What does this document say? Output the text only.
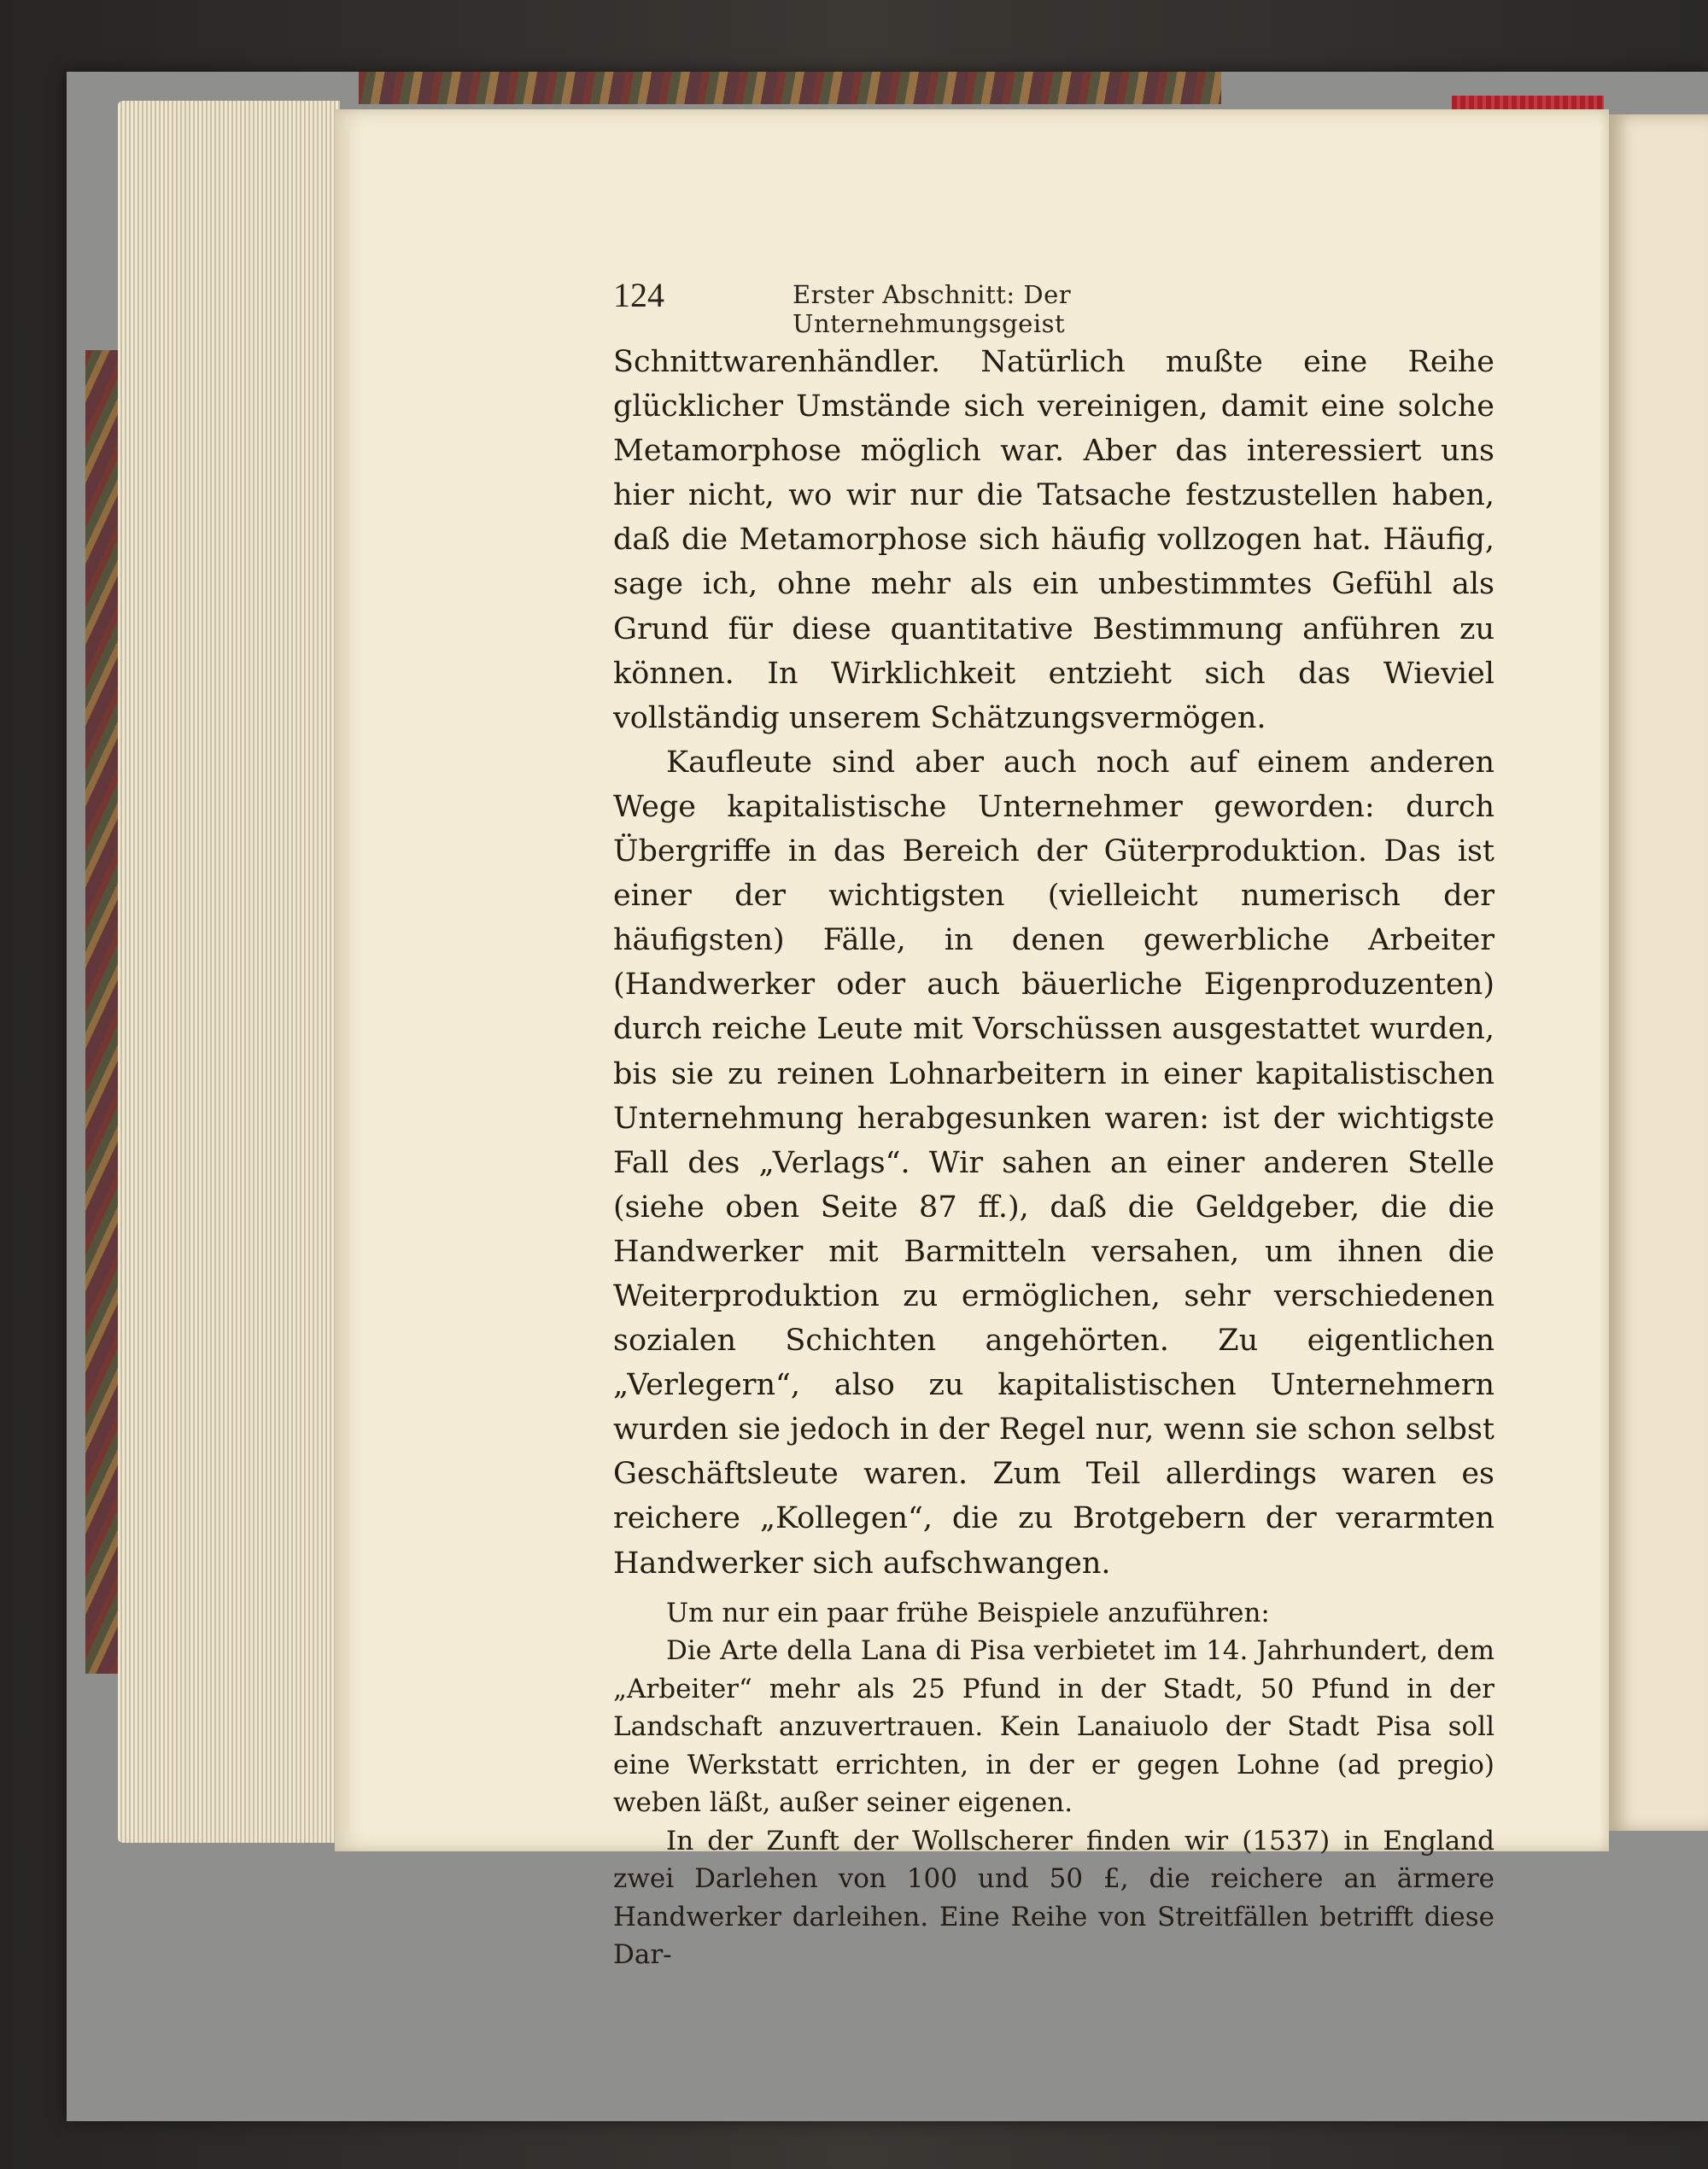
124	Erster Abschnitt: Der Unternehmungsgeist

Schnittwarenhändler. Natürlich mußte eine Reihe glücklicher Umstände sich vereinigen, damit eine solche Metamorphose möglich war. Aber das interessiert uns hier nicht, wo wir nur die Tatsache festzustellen haben, daß die Metamorphose sich häufig vollzogen hat. Häufig, sage ich, ohne mehr als ein unbestimmtes Gefühl als Grund für diese quantitative Bestimmung anführen zu können. In Wirklichkeit entzieht sich das Wieviel vollständig unserem Schätzungsvermögen.

Kaufleute sind aber auch noch auf einem anderen Wege kapitalistische Unternehmer geworden: durch Übergriffe in das Bereich der Güterproduktion. Das ist einer der wichtigsten (vielleicht numerisch der häufigsten) Fälle, in denen gewerbliche Arbeiter (Handwerker oder auch bäuerliche Eigenproduzenten) durch reiche Leute mit Vorschüssen ausgestattet wurden, bis sie zu reinen Lohnarbeitern in einer kapitalistischen Unternehmung herabgesunken waren: ist der wichtigste Fall des „Verlags“. Wir sahen an einer anderen Stelle (siehe oben Seite 87 ff.), daß die Geldgeber, die die Handwerker mit Barmitteln versahen, um ihnen die Weiterproduktion zu ermöglichen, sehr verschiedenen sozialen Schichten angehörten. Zu eigentlichen „Verlegern“, also zu kapitalistischen Unternehmern wurden sie jedoch in der Regel nur, wenn sie schon selbst Geschäftsleute waren. Zum Teil allerdings waren es reichere „Kollegen“, die zu Brotgebern der verarmten Handwerker sich aufschwangen.

Um nur ein paar frühe Beispiele anzuführen:

Die Arte della Lana di Pisa verbietet im 14. Jahrhundert, dem „Arbeiter“ mehr als 25 Pfund in der Stadt, 50 Pfund in der Landschaft anzuvertrauen. Kein Lanaiuolo der Stadt Pisa soll eine Werkstatt errichten, in der er gegen Lohne (ad pregio) weben läßt, außer seiner eigenen.

In der Zunft der Wollscherer finden wir (1537) in England zwei Darlehen von 100 und 50 £, die reichere an ärmere Handwerker darleihen. Eine Reihe von Streitfällen betrifft diese Dar-
